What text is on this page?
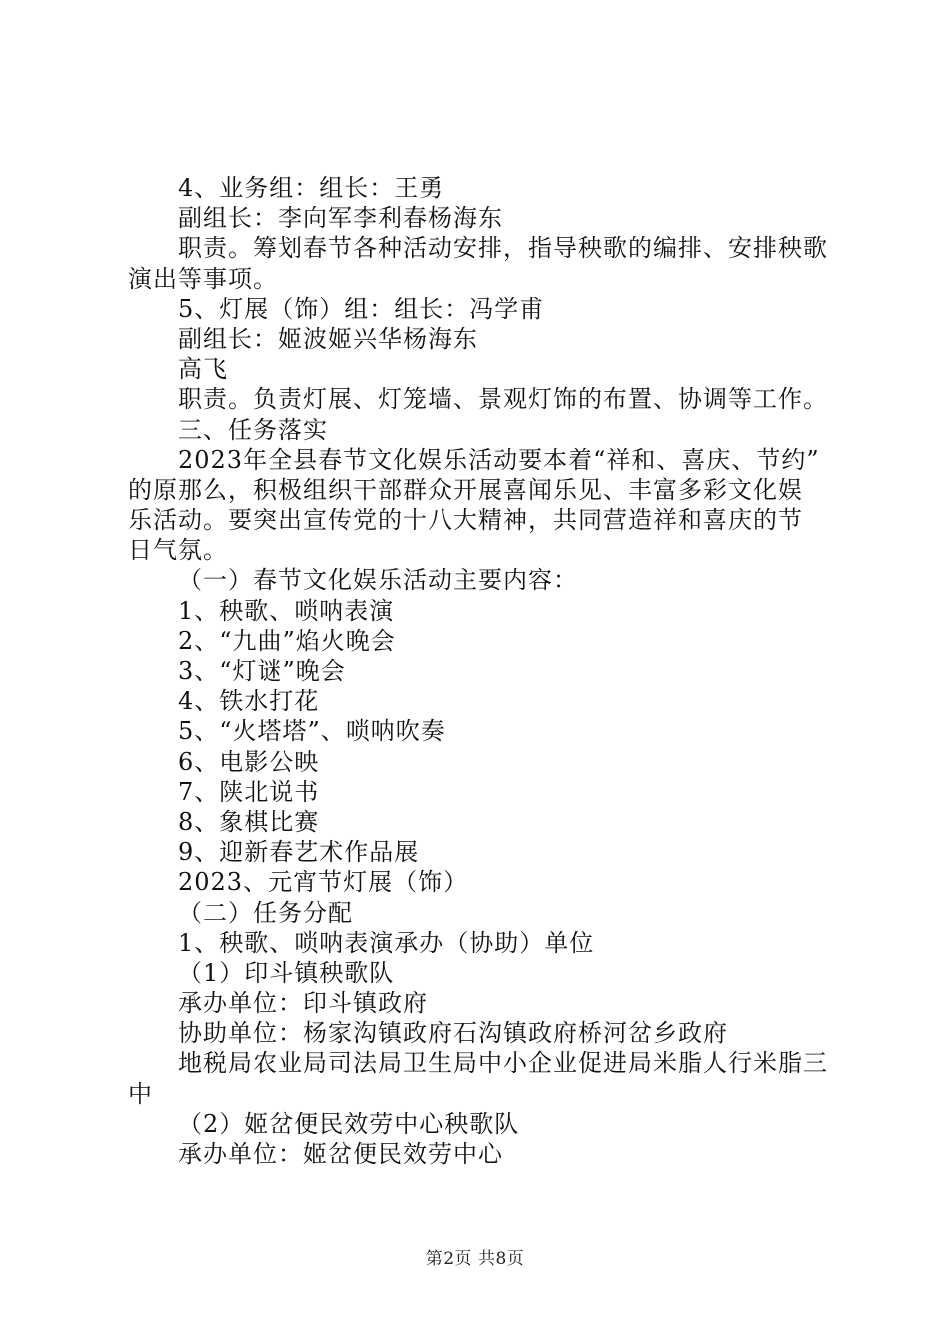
4、业务组：组长：王勇
副组长：李向军李利春杨海东
职责。筹划春节各种活动安排，指导秧歌的编排、安排秧歌
演出等事项。
5、灯展（饰）组：组长：冯学甫
副组长：姬波姬兴华杨海东
高飞
职责。负责灯展、灯笼墙、景观灯饰的布置、协调等工作。
三、任务落实
2023年全县春节文化娱乐活动要本着“祥和、喜庆、节约”
的原那么，积极组织干部群众开展喜闻乐见、丰富多彩文化娱
乐活动。要突出宣传党的十八大精神，共同营造祥和喜庆的节
日气氛。
（一）春节文化娱乐活动主要内容：
1、秧歌、唢呐表演
2、“九曲”焰火晚会
3、“灯谜”晚会
4、铁水打花
5、“火塔塔”、唢呐吹奏
6、电影公映
7、陕北说书
8、象棋比赛
9、迎新春艺术作品展
2023、元宵节灯展（饰）
（二）任务分配
1、秧歌、唢呐表演承办（协助）单位
（1）印斗镇秧歌队
承办单位：印斗镇政府
协助单位：杨家沟镇政府石沟镇政府桥河岔乡政府
地税局农业局司法局卫生局中小企业促进局米脂人行米脂三
中
（2）姬岔便民效劳中心秧歌队
承办单位：姬岔便民效劳中心
第2页 共8页
